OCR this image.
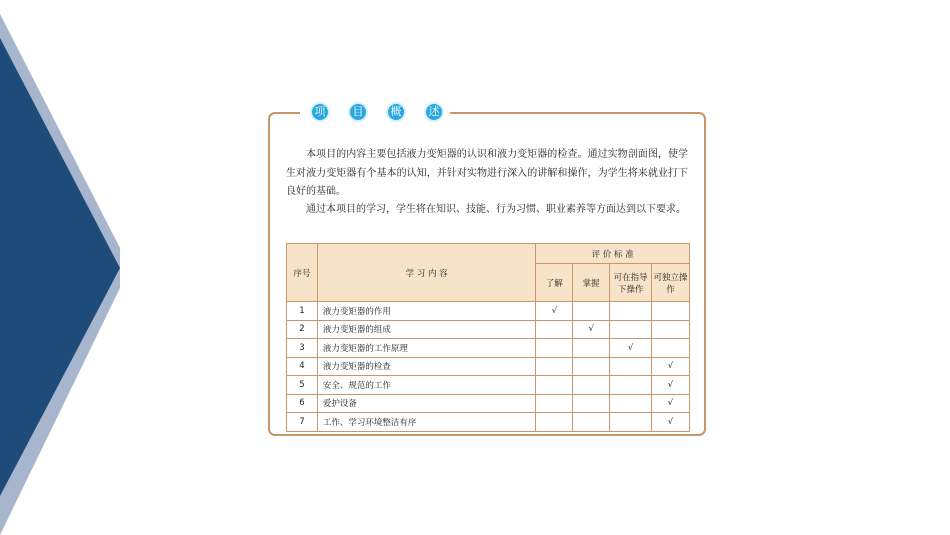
项	目	概	述

本项目的内容主要包括液力变矩器的认识和液力变矩器的检查。通过实物剖面图，使学生对液力变矩器有个基本的认知，并针对实物进行深入的讲解和操作，为学生将来就业打下良好的基础。

通过本项目的学习，学生将在知识、技能、行为习惯、职业素养等方面达到以下要求。

序号	学 习 内 容	评 价 标 准			
		了解	掌握	可在指导下操作	可独立操作
1	液力变矩器的作用	√			
2	液力变矩器的组成		√		
3	液力变矩器的工作原理			√	
4	液力变矩器的检查				√
5	安全、规范的工作				√
6	爱护设备				√
7	工作、学习环境整洁有序				√
